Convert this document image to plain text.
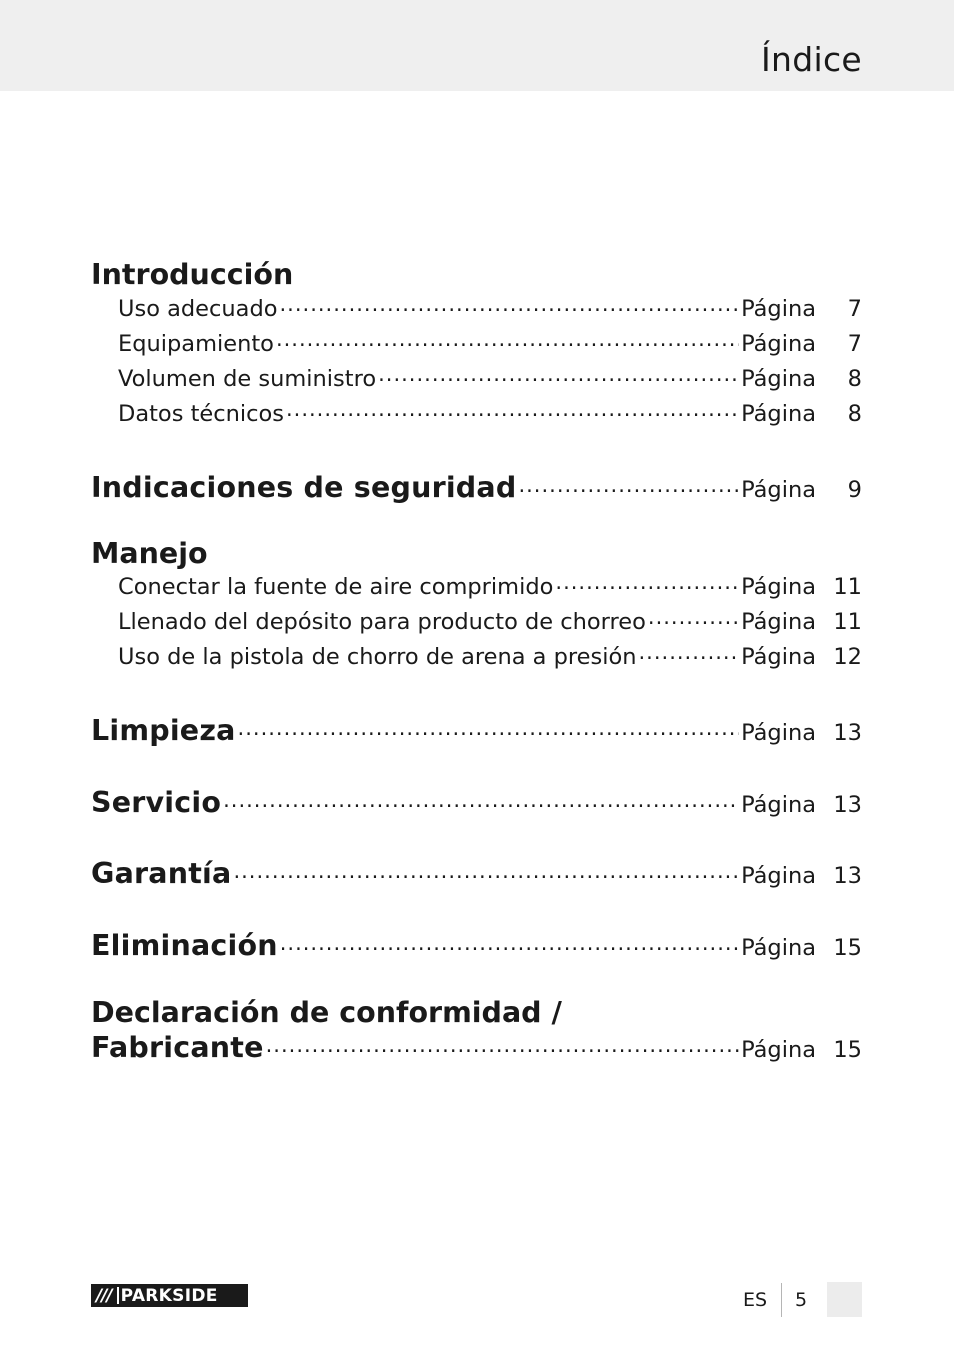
Índice
Introducción
Uso adecuado .....	Página	7
Equipamiento .....	Página	7
Volumen de suministro .....	Página	8
Datos técnicos .....	Página	8
Indicaciones de seguridad .....	Página	9
Manejo
Conectar la fuente de aire comprimido .....	Página 11
Llenado del depósito para producto de chorreo .....	Página 11
Uso de la pistola de chorro de arena a presión .....	Página 12
Limpieza .....	Página 13
Servicio .....	Página 13
Garantía .....	Página 13
Eliminación .....	Página 15
Declaración de conformidad /
Fabricante .....	Página 15
/// PARKSIDE	ES 5
